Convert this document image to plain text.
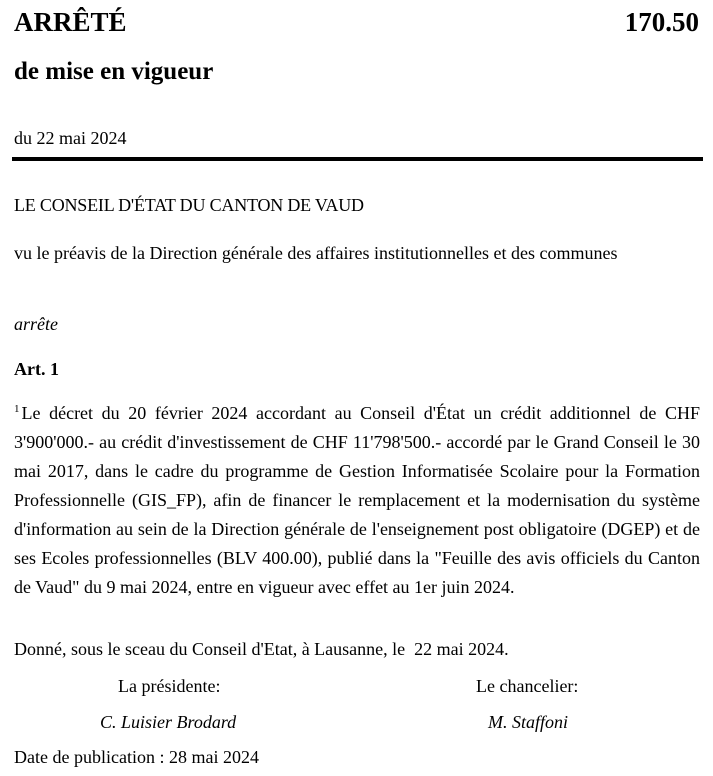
ARRÊTÉ	170.50
de mise en vigueur
du 22 mai 2024
LE CONSEIL D'ÉTAT DU CANTON DE VAUD
vu le préavis de la Direction générale des affaires institutionnelles et des communes
arrête
Art. 1
$^1$ Le décret du 20 février 2024 accordant au Conseil d'État un crédit additionnel de CHF 3'900'000.- au crédit d'investissement de CHF 11'798'500.- accordé par le Grand Conseil le 30 mai 2017, dans le cadre du programme de Gestion Informatisée Scolaire pour la Formation Professionnelle (GIS_FP), afin de financer le remplacement et la modernisation du système d'information au sein de la Direction générale de l'enseignement post obligatoire (DGEP) et de ses Ecoles professionnelles (BLV 400.00), publié dans la "Feuille des avis officiels du Canton de Vaud" du 9 mai 2024, entre en vigueur avec effet au 1er juin 2024.
Donné, sous le sceau du Conseil d'Etat, à Lausanne, le  22 mai 2024.
La présidente:	Le chancelier:
C. Luisier Brodard	M. Staffoni
Date de publication : 28 mai 2024
